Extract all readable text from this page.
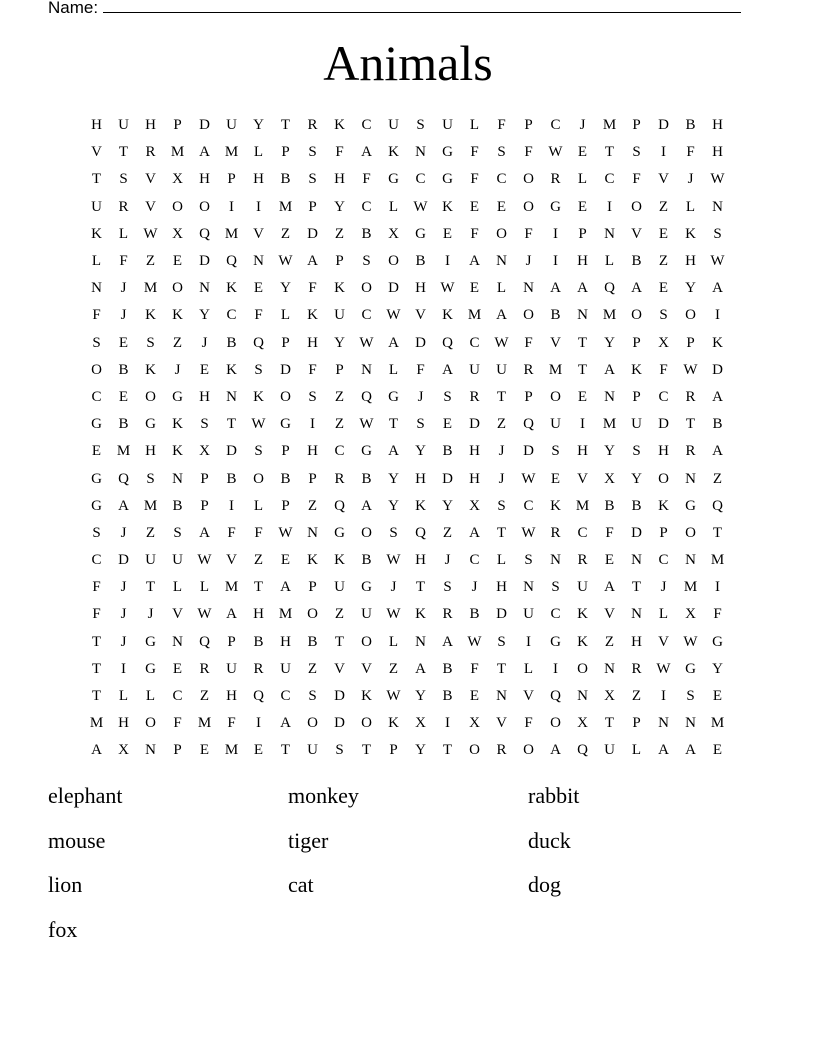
Name:
Animals
H	U	H	P	D	U	Y	T	R	K	C	U	S	U	L	F	P	C	J	M	P	D	B	H
V	T	R	M A M	L	P	S	F	A	K	N	G	F	S	F	W	E	T	S	I	F	H
T	S	V	X	H	P	H	B	S	H	F	G	C	G	F	C	O	R	L	C	F	V	J	W
U	R	V	O	O	I	I	M	P	Y	C	L	W K	E	E	O	G	E	I	O	Z	L	N
K	L	W X	Q M V	Z	D	Z	B	X	G	E	F	O	F	I	P	N	V	E	K	S
L	F	Z	E	D	Q	N W A	P	S	O	B	I	A	N	J	I	H	L	B	Z	H W
N	J	M O	N	K	E	Y	F	K	O	D	H W	E	L	N	A	A	Q	A	E	Y	A
F	J	K	K	Y	C	F	L	K	U	C W V	K M A	O	B	N M O	S	O	I
S	E	S	Z	J	B	Q	P	H	Y W A	D	Q	C W	F	V	T	Y	P	X	P	K
O	B	K	J	E	K	S	D	F	P	N	L	F	A	U	U	R	M	T	A	K	F	W D
C	E	O	G	H	N	K	O	S	Z	Q	G	J	S	R	T	P	O	E	N	P	C	R	A
G	B	G	K	S	T	W G	I	Z	W	T	S	E	D	Z	Q	U	I	M U	D	T	B
E	M H	K	X	D	S	P	H	C	G	A	Y	B	H	J	D	S	H	Y	S	H	R	A
G	Q	S	N	P	B	O	B	P	R	B	Y	H	D	H	J	W	E	V	X	Y	O	N	Z
G	A M	B	P	I	L	P	Z	Q	A	Y	K	Y	X	S	C	K M	B	B	K	G	Q
S	J	Z	S	A	F	F	W N	G	O	S	Q	Z	A	T	W R	C	F	D	P	O	T
C	D	U	U W V	Z	E	K	K	B W H	J	C	L	S	N	R	E	N	C	N M
F	J	T	L	L	M	T	A	P	U	G	J	T	S	J	H	N	S	U	A	T	J	M	I
F	J	J	V W A	H M O	Z	U W K	R	B	D	U	C	K	V	N	L	X	F
T	J	G	N	Q	P	B	H	B	T	O	L	N	A W	S	I	G	K	Z	H	V W G
T	I	G	E	R	U	R	U	Z	V	V	Z	A	B	F	T	L	I	O	N	R W G	Y
T	L	L	C	Z	H	Q	C	S	D	K W Y	B	E	N	V	Q	N	X	Z	I	S	E
M H	O	F	M	F	I	A	O	D	O	K	X	I	X	V	F	O	X	T	P	N	N M
A	X	N	P	E	M	E	T	U	S	T	P	Y	T	O	R	O	A	Q	U	L	A	A	E
elephant	monkey	rabbit
mouse	tiger	duck
lion	cat	dog
fox
